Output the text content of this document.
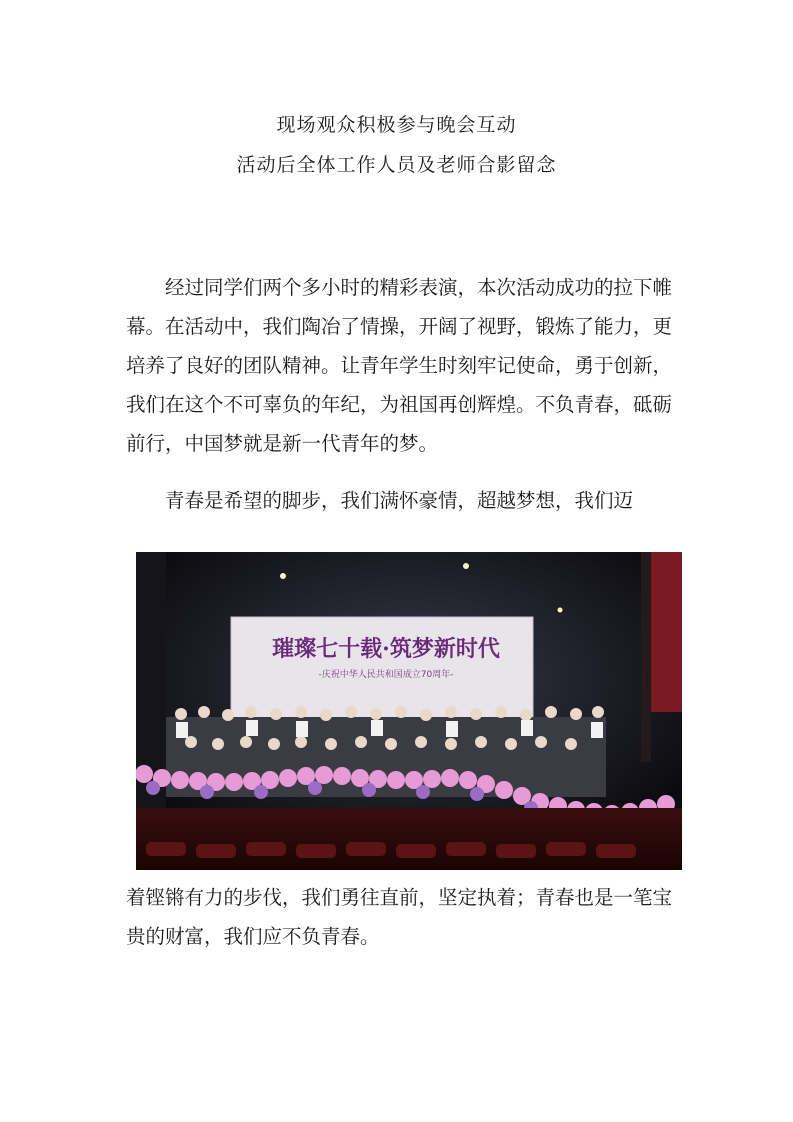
现场观众积极参与晚会互动
活动后全体工作人员及老师合影留念

经过同学们两个多小时的精彩表演，本次活动成功的拉下帷幕。在活动中，我们陶冶了情操，开阔了视野，锻炼了能力，更培养了良好的团队精神。让青年学生时刻牢记使命，勇于创新，我们在这个不可辜负的年纪，为祖国再创辉煌。不负青春，砥砺前行，中国梦就是新一代青年的梦。

青春是希望的脚步，我们满怀豪情，超越梦想，我们迈

璀璨七十载·筑梦新时代
-庆祝中华人民共和国成立70周年-

着铿锵有力的步伐，我们勇往直前，坚定执着；青春也是一笔宝贵的财富，我们应不负青春。
